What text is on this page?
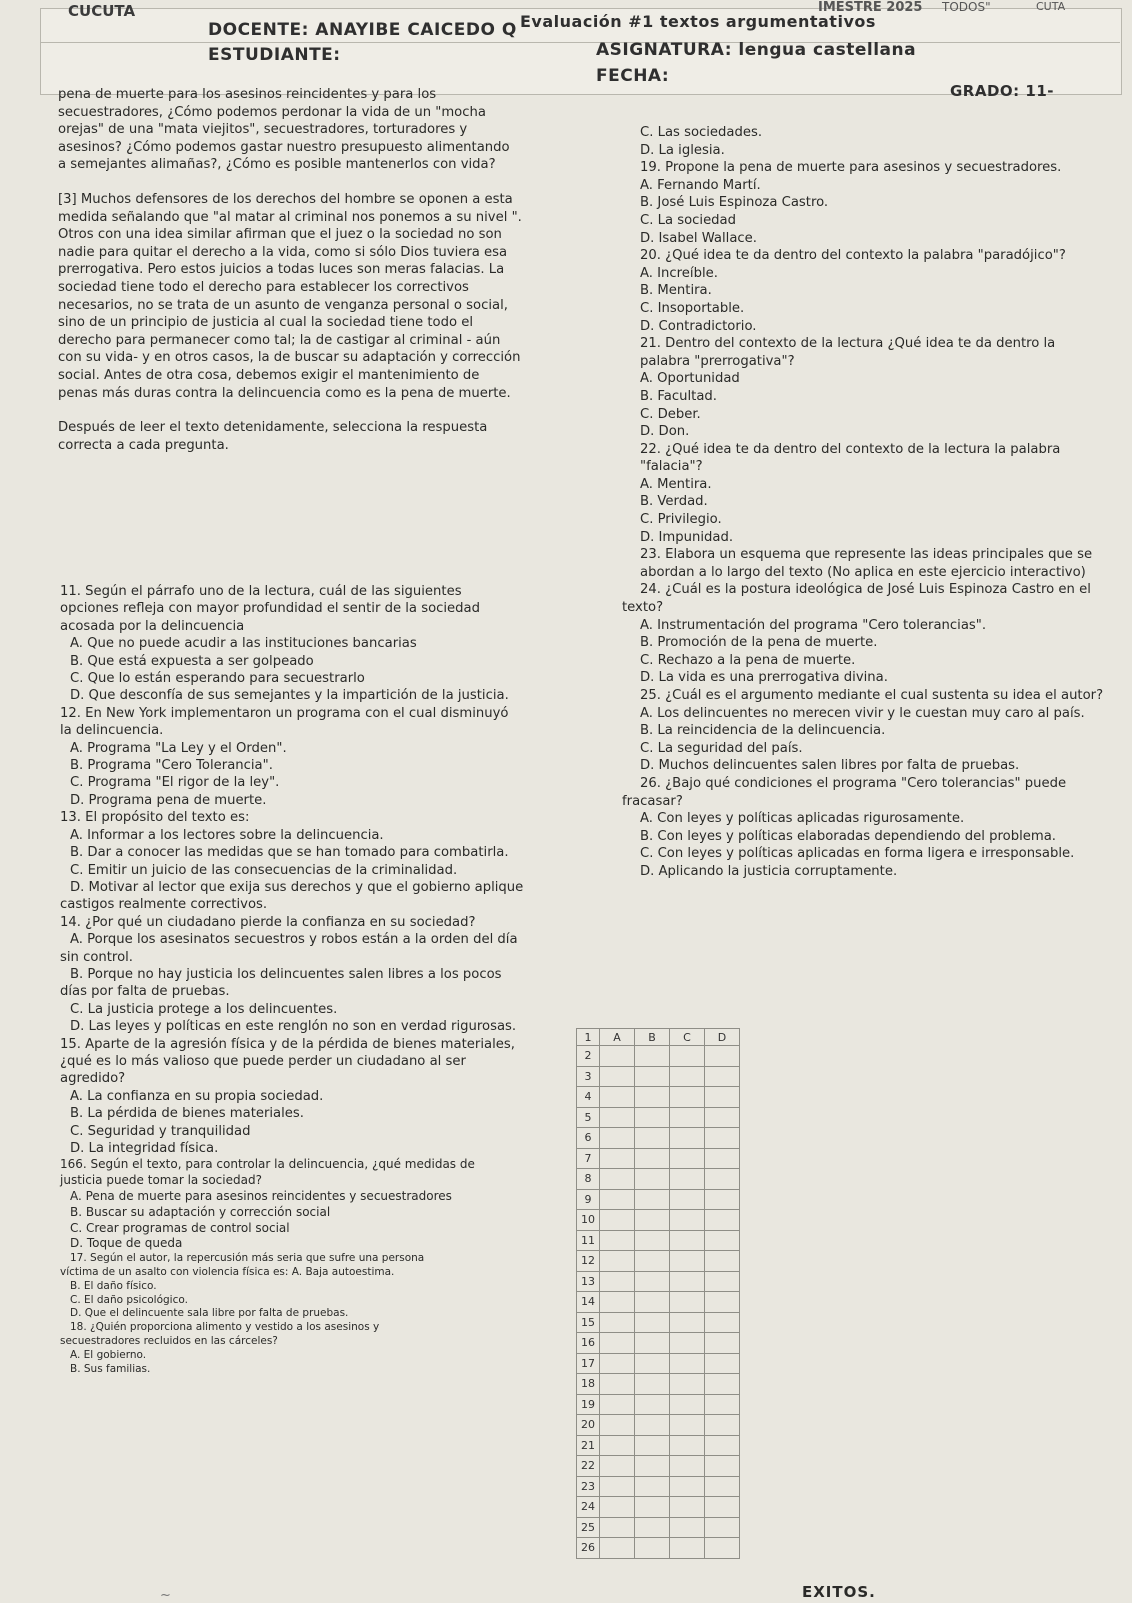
CUCUTA	IMESTRE 2025 TODOS"	CUTA
Evaluación #1 textos argumentativos
DOCENTE: ANAYIBE CAICEDO Q
ESTUDIANTE:	ASIGNATURA: lengua castellana
FECHA:
GRADO: 11-

pena de muerte para los asesinos reincidentes y para los

secuestradores, ¿Cómo podemos perdonar la vida de un "mocha

orejas" de una "mata viejitos", secuestradores, torturadores y

asesinos? ¿Cómo podemos gastar nuestro presupuesto alimentando

a semejantes alimañas?, ¿Cómo es posible mantenerlos con vida?

[3] Muchos defensores de los derechos del hombre se oponen a esta

medida señalando que "al matar al criminal nos ponemos a su nivel ".

Otros con una idea similar afirman que el juez o la sociedad no son

nadie para quitar el derecho a la vida, como si sólo Dios tuviera esa

prerrogativa. Pero estos juicios a todas luces son meras falacias. La

sociedad tiene todo el derecho para establecer los correctivos

necesarios, no se trata de un asunto de venganza personal o social,

sino de un principio de justicia al cual la sociedad tiene todo el

derecho para permanecer como tal; la de castigar al criminal - aún

con su vida- y en otros casos, la de buscar su adaptación y corrección

social. Antes de otra cosa, debemos exigir el mantenimiento de

penas más duras contra la delincuencia como es la pena de muerte.

Después de leer el texto detenidamente, selecciona la respuesta

correcta a cada pregunta.

C. Las sociedades.

D. La iglesia.

19. Propone la pena de muerte para asesinos y secuestradores.

A. Fernando Martí.

B. José Luis Espinoza Castro.

C. La sociedad

D. Isabel Wallace.

20. ¿Qué idea te da dentro del contexto la palabra "paradójico"?

A. Increíble.

B. Mentira.

C. Insoportable.

D. Contradictorio.

21. Dentro del contexto de la lectura ¿Qué idea te da dentro la

palabra "prerrogativa"?

A. Oportunidad

B. Facultad.

C. Deber.

D. Don.

22. ¿Qué idea te da dentro del contexto de la lectura la palabra

"falacia"?

A. Mentira.

B. Verdad.

C. Privilegio.

D. Impunidad.

23. Elabora un esquema que represente las ideas principales que se

abordan a lo largo del texto (No aplica en este ejercicio interactivo)

24. ¿Cuál es la postura ideológica de José Luis Espinoza Castro en el

texto?

A. Instrumentación del programa "Cero tolerancias".

B. Promoción de la pena de muerte.

C. Rechazo a la pena de muerte.

D. La vida es una prerrogativa divina.

25. ¿Cuál es el argumento mediante el cual sustenta su idea el autor?

A. Los delincuentes no merecen vivir y le cuestan muy caro al país.

B. La reincidencia de la delincuencia.

C. La seguridad del país.

D. Muchos delincuentes salen libres por falta de pruebas.

26. ¿Bajo qué condiciones el programa "Cero tolerancias" puede

fracasar?

A. Con leyes y políticas aplicadas rigurosamente.

B. Con leyes y políticas elaboradas dependiendo del problema.

C. Con leyes y políticas aplicadas en forma ligera e irresponsable.

D. Aplicando la justicia corruptamente.

11. Según el párrafo uno de la lectura, cuál de las siguientes

opciones refleja con mayor profundidad el sentir de la sociedad

acosada por la delincuencia

A. Que no puede acudir a las instituciones bancarias

B. Que está expuesta a ser golpeado

C. Que lo están esperando para secuestrarlo

D. Que desconfía de sus semejantes y la impartición de la justicia.

12. En New York implementaron un programa con el cual disminuyó

la delincuencia.

A. Programa "La Ley y el Orden".

B. Programa "Cero Tolerancia".

C. Programa "El rigor de la ley".

D. Programa pena de muerte.

13. El propósito del texto es:

A. Informar a los lectores sobre la delincuencia.

B. Dar a conocer las medidas que se han tomado para combatirla.

C. Emitir un juicio de las consecuencias de la criminalidad.

D. Motivar al lector que exija sus derechos y que el gobierno aplique

castigos realmente correctivos.

14. ¿Por qué un ciudadano pierde la confianza en su sociedad?

A. Porque los asesinatos secuestros y robos están a la orden del día

sin control.

B. Porque no hay justicia los delincuentes salen libres a los pocos

días por falta de pruebas.

C. La justicia protege a los delincuentes.

D. Las leyes y políticas en este renglón no son en verdad rigurosas.

15. Aparte de la agresión física y de la pérdida de bienes materiales,

¿qué es lo más valioso que puede perder un ciudadano al ser

agredido?

A. La confianza en su propia sociedad.

B. La pérdida de bienes materiales.

C. Seguridad y tranquilidad

D. La integridad física.

166. Según el texto, para controlar la delincuencia, ¿qué medidas de

justicia puede tomar la sociedad?

A. Pena de muerte para asesinos reincidentes y secuestradores

B. Buscar su adaptación y corrección social

C. Crear programas de control social

D. Toque de queda

17. Según el autor, la repercusión más seria que sufre una persona

víctima de un asalto con violencia física es: A. Baja autoestima.

B. El daño físico.

C. El daño psicológico.

D. Que el delincuente sala libre por falta de pruebas.

18. ¿Quién proporciona alimento y vestido a los asesinos y

secuestradores recluidos en las cárceles?

A. El gobierno.

B. Sus familias.

1	A	B	C	D
2				
3				
4				
5				
6				
7				
8				
9				
10				
11				
12				
13				
14				
15				
16				
17				
18				
19				
20				
21				
22				
23				
24				
25				
26				
~	EXITOS.
